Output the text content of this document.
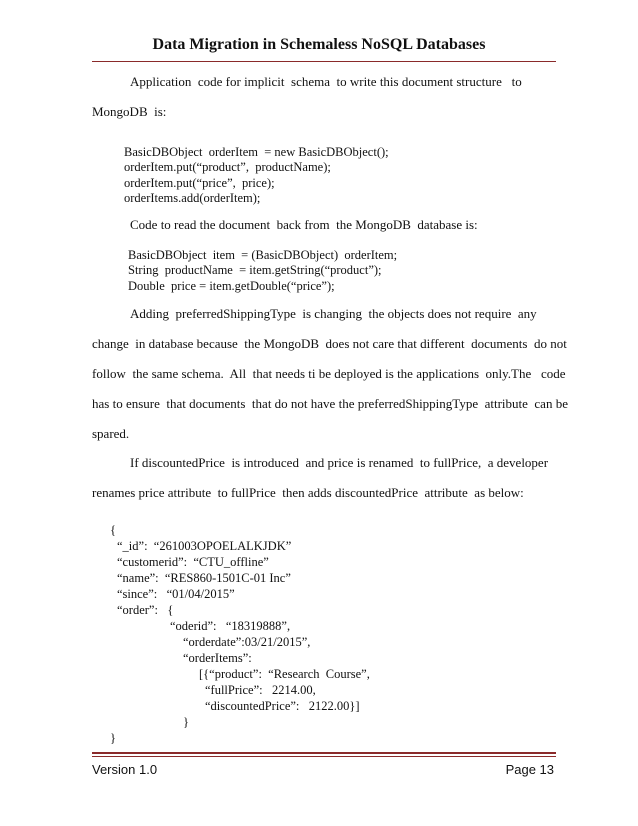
Data Migration in Schemaless NoSQL Databases
Application  code for implicit  schema  to write this document structure   to
MongoDB  is:
BasicDBObject  orderItem  = new BasicDBObject();
orderItem.put(“product”,  productName);
orderItem.put(“price”,  price);
orderItems.add(orderItem);
Code to read the document  back from  the MongoDB  database is:
BasicDBObject  item  = (BasicDBObject)  orderItem;
String  productName  = item.getString(“product”);
Double  price = item.getDouble(“price”);
Adding  preferredShippingType  is changing  the objects does not require  any
change  in database because  the MongoDB  does not care that different  documents  do not
follow  the same schema.  All  that needs ti be deployed is the applications  only.The   code
has to ensure  that documents  that do not have the preferredShippingType  attribute  can be
spared.
If discountedPrice  is introduced  and price is renamed  to fullPrice,  a developer
renames price attribute  to fullPrice  then adds discountedPrice  attribute  as below:
{
“_id”:  “261003OPOELALKJDK”
“customerid”:  “CTU_offline”
“name”:  “RES860-1501C-01 Inc”
“since”:   “01/04/2015”
“order”:   {
“oderid”:   “18319888”,
“orderdate”:03/21/2015”,
“orderItems”:
[{“product”:  “Research  Course”,
“fullPrice”:   2214.00,
“discountedPrice”:   2122.00}]
}
}
Version 1.0	Page 13
